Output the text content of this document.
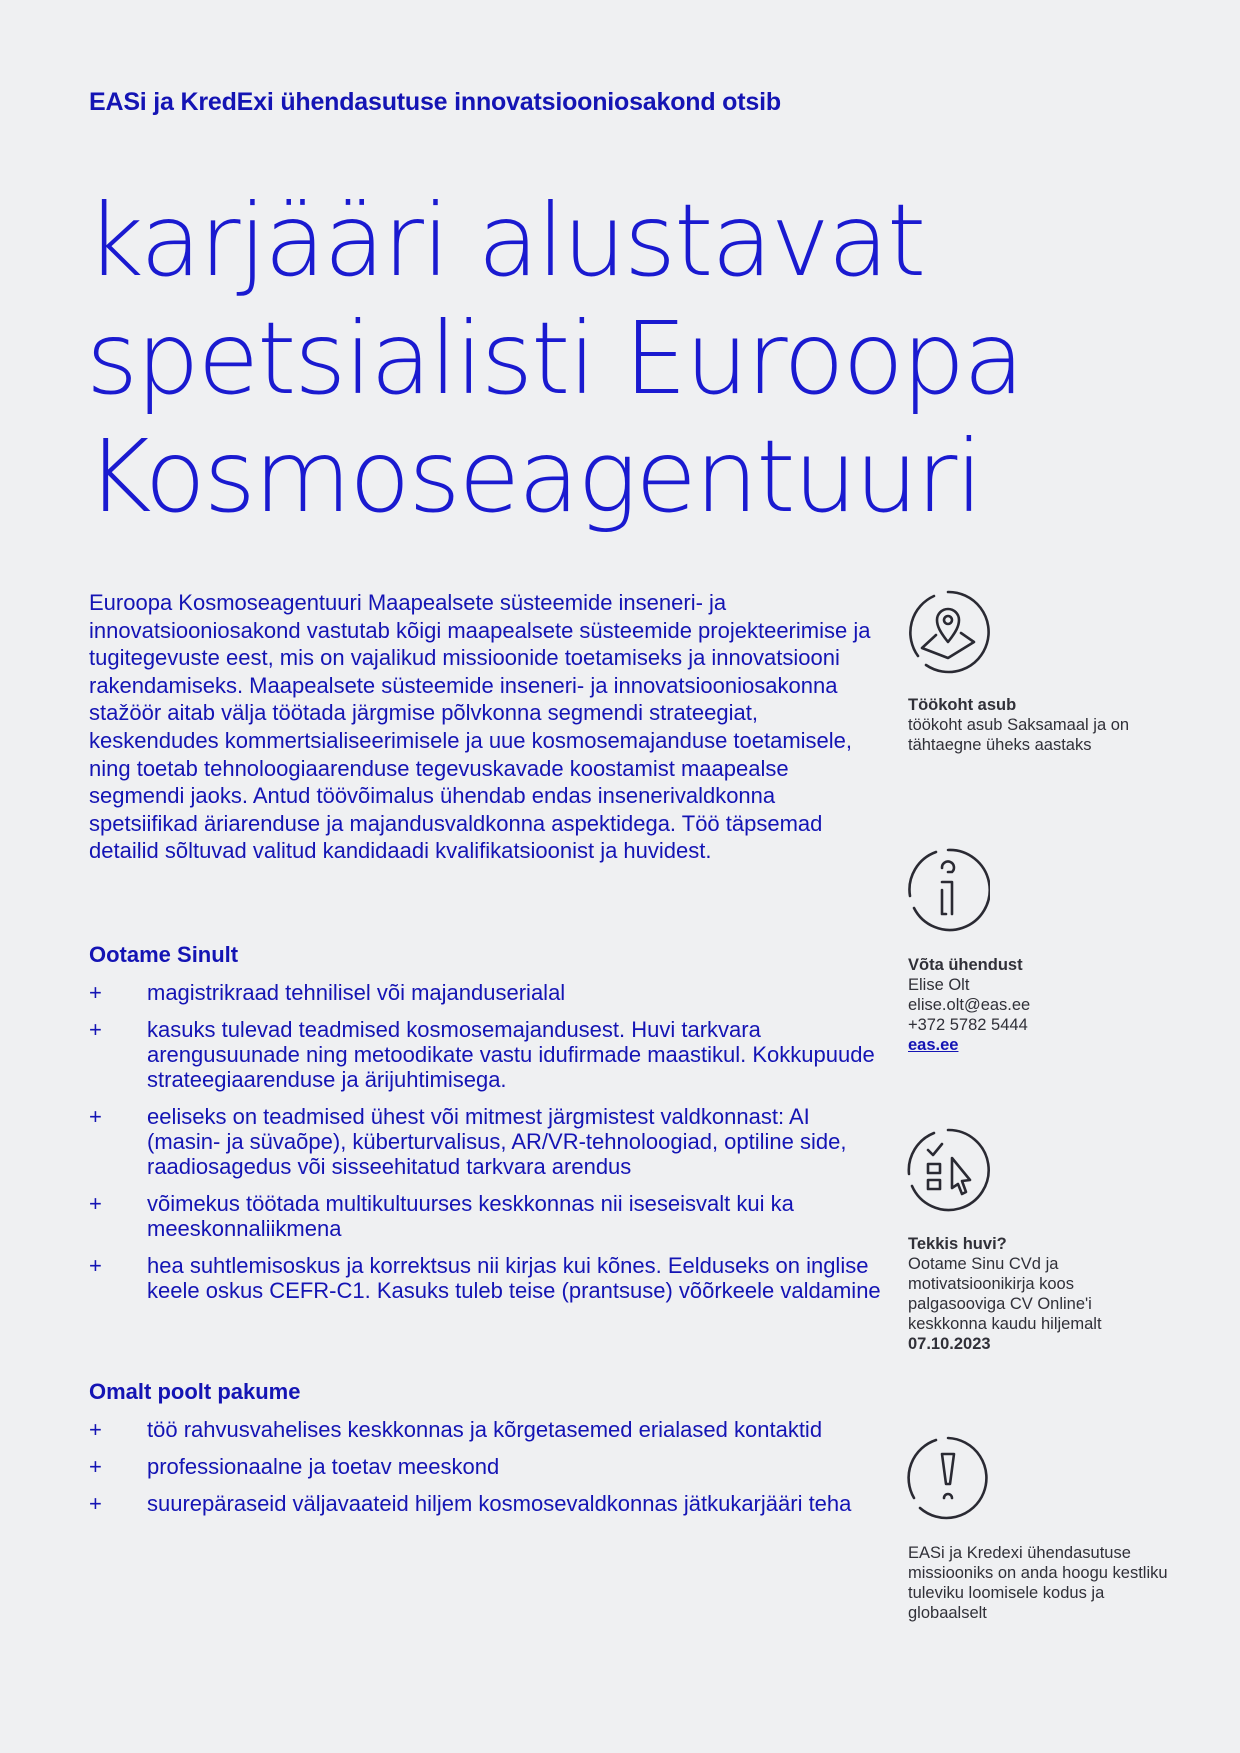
EASi ja KredExi ühendasutuse innovatsiooniosakond otsib
karjääri alustavat
spetsialisti Euroopa
Kosmoseagentuuri

Euroopa Kosmoseagentuuri Maapealsete süsteemide inseneri- ja innovatsiooniosakond vastutab kõigi maapealsete süsteemide projekteerimise ja tugitegevuste eest, mis on vajalikud missioonide toetamiseks ja innovatsiooni rakendamiseks. Maapealsete süsteemide inseneri- ja innovatsiooniosakonna stažöör aitab välja töötada järgmise põlvkonna segmendi strateegiat, keskendudes kommertsialiseerimisele ja uue kosmosemajanduse toetamisele, ning toetab tehnoloogiaarenduse tegevuskavade koostamist maapealse segmendi jaoks. Antud töövõimalus ühendab endas insenerivaldkonna spetsiifikad äriarenduse ja majandusvaldkonna aspektidega. Töö täpsemad detailid sõltuvad valitud kandidaadi kvalifikatsioonist ja huvidest.

Ootame Sinult
+	magistrikraad tehnilisel või majanduserialal
+	kasuks tulevad teadmised kosmosemajandusest. Huvi tarkvara arengusuunade ning metoodikate vastu idufirmade maastikul. Kokkupuude strateegiaarenduse ja ärijuhtimisega.
+	eeliseks on teadmised ühest või mitmest järgmistest valdkonnast: AI (masin- ja süvaõpe), küberturvalisus, AR/VR-tehnoloogiad, optiline side, raadiosagedus või sisseehitatud tarkvara arendus
+	võimekus töötada multikultuurses keskkonnas nii iseseisvalt kui ka meeskonnaliikmena
+	hea suhtlemisoskus ja korrektsus nii kirjas kui kõnes. Eelduseks on inglise keele oskus CEFR-C1. Kasuks tuleb teise (prantsuse) võõrkeele valdamine
Omalt poolt pakume
+	töö rahvusvahelises keskkonnas ja kõrgetasemed erialased kontaktid
+	professionaalne ja toetav meeskond
+	suurepäraseid väljavaateid hiljem kosmosevaldkonnas jätkukarjääri teha
Töökoht asub
töökoht asub Saksamaal ja on tähtaegne üheks aastaks
Võta ühendust
Elise Olt
elise.olt@eas.ee
+372 5782 5444
eas.ee
Tekkis huvi?
Ootame Sinu CVd ja motivatsioonikirja koos palgasooviga CV Online'i keskkonna kaudu hiljemalt
07.10.2023
EASi ja Kredexi ühendasutuse missiooniks on anda hoogu kestliku tuleviku loomisele kodus ja globaalselt
